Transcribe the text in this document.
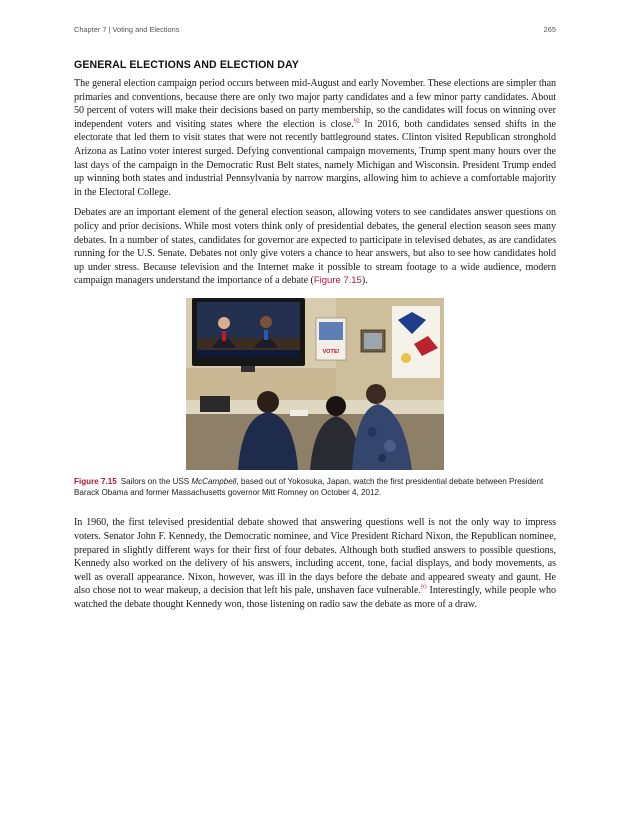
Chapter 7 | Voting and Elections	265
GENERAL ELECTIONS AND ELECTION DAY

The general election campaign period occurs between mid-August and early November. These elections are simpler than primaries and conventions, because there are only two major party candidates and a few minor party candidates. About 50 percent of voters will make their decisions based on party membership, so the candidates will focus on winning over independent voters and visiting states where the election is close.$^{92}$ In 2016, both candidates sensed shifts in the electorate that led them to visit states that were not recently battleground states. Clinton visited Republican stronghold Arizona as Latino voter interest surged. Defying conventional campaign movements, Trump spent many hours over the last days of the campaign in the Democratic Rust Belt states, namely Michigan and Wisconsin. President Trump ended up winning both states and industrial Pennsylvania by narrow margins, allowing him to achieve a comfortable majority in the Electoral College.

Debates are an important element of the general election season, allowing voters to see candidates answer questions on policy and prior decisions. While most voters think only of presidential debates, the general election season sees many debates. In a number of states, candidates for governor are expected to participate in televised debates, as are candidates running for the U.S. Senate. Debates not only give voters a chance to hear answers, but also to see how candidates hold up under stress. Because television and the Internet make it possible to stream footage to a wide audience, modern campaign managers understand the importance of a debate (Figure 7.15).

VOTE!
Figure 7.15 Sailors on the USS McCampbell, based out of Yokosuka, Japan, watch the first presidential debate between President Barack Obama and former Massachusetts governor Mitt Romney on October 4, 2012.

In 1960, the first televised presidential debate showed that answering questions well is not the only way to impress voters. Senator John F. Kennedy, the Democratic nominee, and Vice President Richard Nixon, the Republican nominee, prepared in slightly different ways for their first of four debates. Although both studied answers to possible questions, Kennedy also worked on the delivery of his answers, including accent, tone, facial displays, and body movements, as well as overall appearance. Nixon, however, was ill in the days before the debate and appeared sweaty and gaunt. He also chose not to wear makeup, a decision that left his pale, unshaven face vulnerable.$^{93}$ Interestingly, while people who watched the debate thought Kennedy won, those listening on radio saw the debate as more of a draw.
